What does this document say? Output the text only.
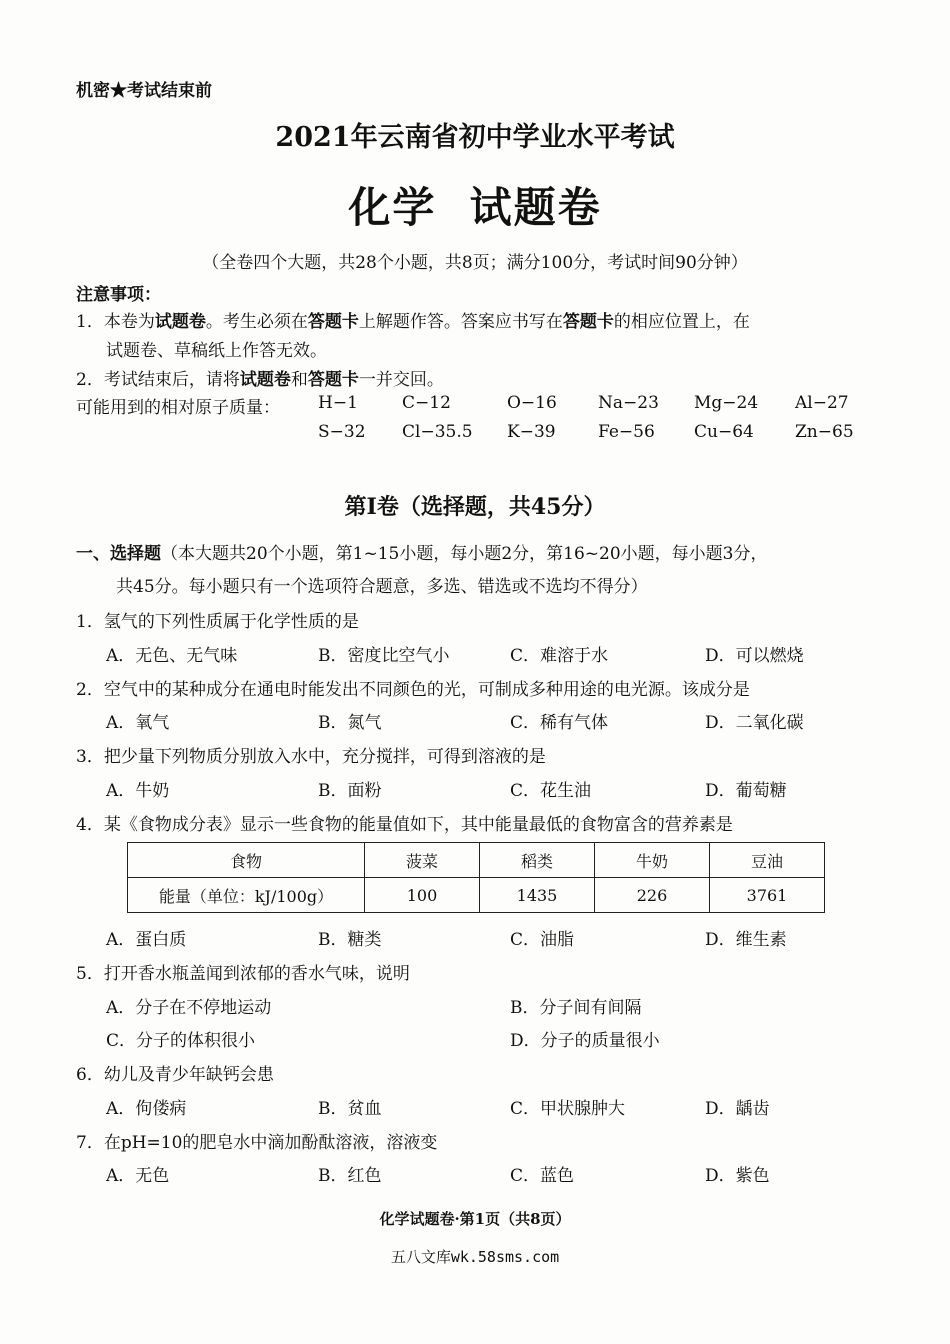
机密★考试结束前
2021年云南省初中学业水平考试
化学  试题卷
（全卷四个大题，共28个小题，共8页；满分100分，考试时间90分钟）
注意事项：
1．本卷为试题卷。考生必须在答题卡上解题作答。答案应书写在答题卡的相应位置上，在
试题卷、草稿纸上作答无效。
2．考试结束后，请将试题卷和答题卡一并交回。
可能用到的相对原子质量： H−1	C−12	O−16 Na−23 Mg−24 Al−27
S−32 Cl−35.5 K−39 Fe−56 Cu−64 Zn−65
第Ⅰ卷（选择题，共45分）
一、选择题（本大题共20个小题，第1~15小题，每小题2分，第16~20小题，每小题3分，
共45分。每小题只有一个选项符合题意，多选、错选或不选均不得分）
1．氢气的下列性质属于化学性质的是
A．无色、无气味	B．密度比空气小	C．难溶于水	D．可以燃烧
2．空气中的某种成分在通电时能发出不同颜色的光，可制成多种用途的电光源。该成分是
A．氧气	B．氮气	C．稀有气体	D．二氧化碳
3．把少量下列物质分别放入水中，充分搅拌，可得到溶液的是
A．牛奶	B．面粉	C．花生油	D．葡萄糖
4．某《食物成分表》显示一些食物的能量值如下，其中能量最低的食物富含的营养素是
食物	菠菜	稻类	牛奶	豆油
能量（单位：kJ/100g）	100	1435	226	3761
A．蛋白质	B．糖类	C．油脂	D．维生素
5．打开香水瓶盖闻到浓郁的香水气味，说明
A．分子在不停地运动	B．分子间有间隔
C．分子的体积很小	D．分子的质量很小
6．幼儿及青少年缺钙会患
A．佝偻病	B．贫血	C．甲状腺肿大	D．龋齿
7．在pH=10的肥皂水中滴加酚酞溶液，溶液变
A．无色	B．红色	C．蓝色	D．紫色
化学试题卷·第1页（共8页）
五八文库wk.58sms.com
